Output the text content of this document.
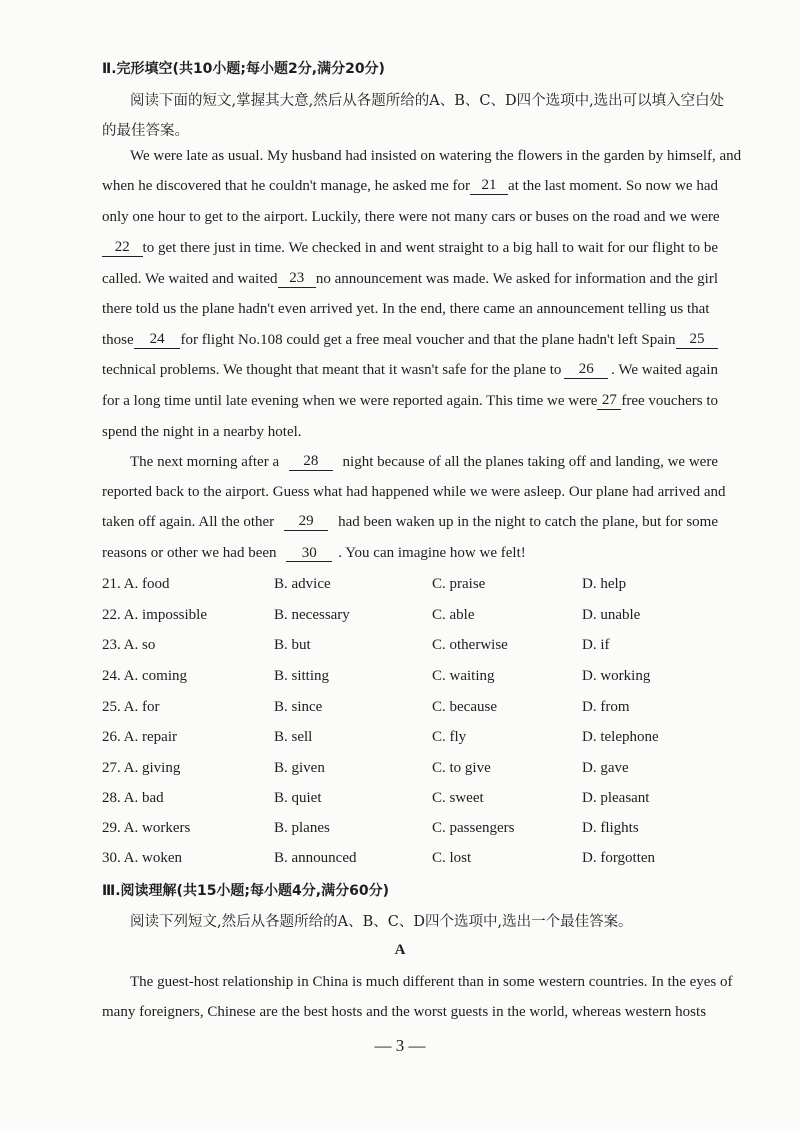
Ⅱ.完形填空(共10小题;每小题2分,满分20分)
阅读下面的短文,掌握其大意,然后从各题所给的A、B、C、D四个选项中,选出可以填入空白处
的最佳答案。
We were late as usual. My husband had insisted on watering the flowers in the garden by himself, and
when he discovered that he couldn't manage, he asked me for 21 at the last moment. So now we had
only one hour to get to the airport. Luckily, there were not many cars or buses on the road and we were
22 to get there just in time. We checked in and went straight to a big hall to wait for our flight to be
called. We waited and waited 23 no announcement was made. We asked for information and the girl
there told us the plane hadn't even arrived yet. In the end, there came an announcement telling us that
those	24	for flight No.108 could get a free meal voucher and that the plane hadn't left Spain 25
technical problems. We thought that meant that it wasn't safe for the plane to	26	. We waited again
for a long time until late evening when we were reported again. This time we were 27 free vouchers to
spend the night in a nearby hotel.
The next morning after a	28	night because of all the planes taking off and landing, we were
reported back to the airport. Guess what had happened while we were asleep. Our plane had arrived and
taken off again. All the other	29	had been waken up in the night to catch the plane, but for some
reasons or other we had been 30 . You can imagine how we felt!
21. A. food	B. advice	C. praise	D. help
22. A. impossible	B. necessary	C. able	D. unable
23. A. so	B. but	C. otherwise	D. if
24. A. coming	B. sitting	C. waiting	D. working
25. A. for	B. since	C. because	D. from
26. A. repair	B. sell	C. fly	D. telephone
27. A. giving	B. given	C. to give	D. gave
28. A. bad	B. quiet	C. sweet	D. pleasant
29. A. workers	B. planes	C. passengers	D. flights
30. A. woken	B. announced	C. lost	D. forgotten
Ⅲ.阅读理解(共15小题;每小题4分,满分60分)
阅读下列短文,然后从各题所给的A、B、C、D四个选项中,选出一个最佳答案。
A
The guest-host relationship in China is much different than in some western countries. In the eyes of
many foreigners, Chinese are the best hosts and the worst guests in the world, whereas western hosts
— 3 —
